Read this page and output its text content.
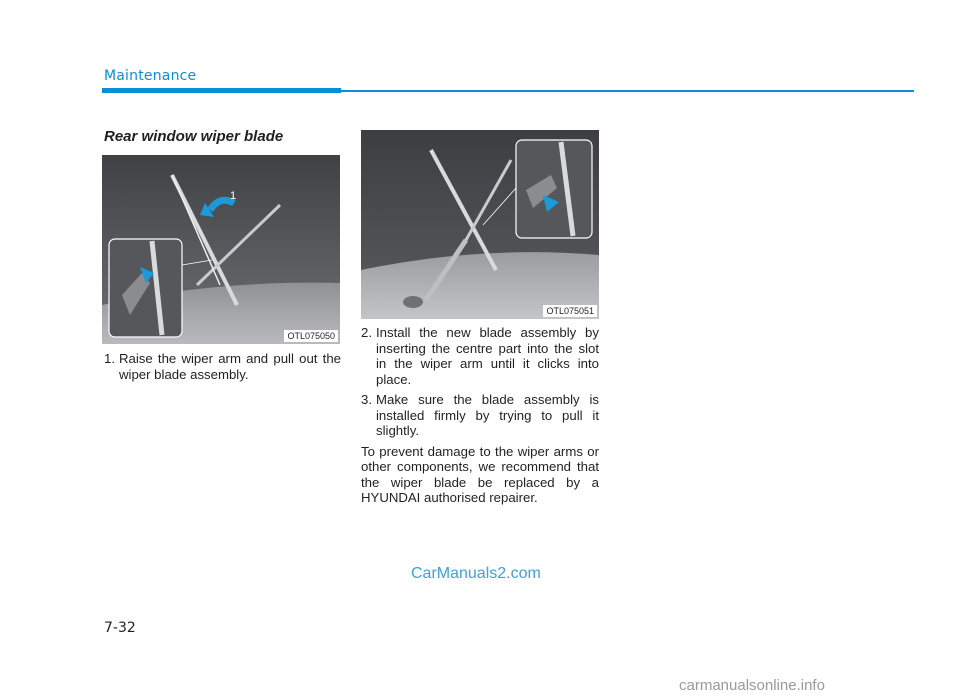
Maintenance
Rear window wiper blade
1
OTL075050
1. Raise the wiper arm and pull out the wiper blade assembly.
OTL075051
2. Install the new blade assembly by inserting the centre part into the slot in the wiper arm until it clicks into place.
3. Make sure the blade assembly is installed firmly by trying to pull it slightly.
To prevent damage to the wiper arms or other components, we recommend that the wiper blade be replaced by a HYUNDAI authorised repairer.
CarManuals2.com
7-32
carmanualsonline.info
